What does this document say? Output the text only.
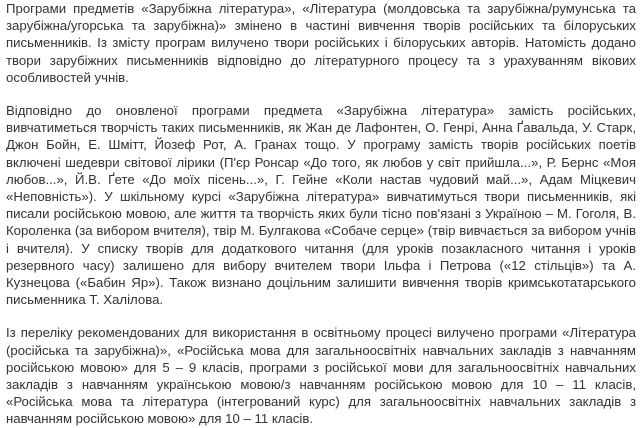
Програми предметів «Зарубіжна література», «Література (молдовська та зарубіжна/румунська та зарубіжна/угорська та зарубіжна)» змінено в частині вивчення творів російських та білоруських письменників. Із змісту програм вилучено твори російських і білоруських авторів. Натомість додано твори зарубіжних письменників відповідно до літературного процесу та з урахуванням вікових особливостей учнів.

Відповідно до оновленої програми предмета «Зарубіжна література» замість російських, вивчатиметься творчість таких письменників, як Жан де Лафонтен, О. Генрі, Анна Ґавальда, У. Старк, Джон Бойн, Е. Шмітт, Йозеф Рот, А. Гранах тощо. У програму замість творів російських поетів включені шедеври світової лірики (П'єр Ронсар «До того, як любов у світ прийшла...», Р. Бернс «Моя любов...», Й.В. Ґете «До моїх пісень...», Г. Гейне «Коли настав чудовий май...», Адам Міцкевич «Неповність»). У шкільному курсі «Зарубіжна література» вивчатимуться твори письменників, які писали російською мовою, але життя та творчість яких були тісно пов'язані з Україною – М. Гоголя, В. Короленка (за вибором вчителя), твір М. Булгакова «Собаче серце» (твір вивчається за вибором учнів і вчителя). У списку творів для додаткового читання (для уроків позакласного читання і уроків резервного часу) залишено для вибору вчителем твори Ільфа і Петрова («12 стільців») та А. Кузнецова («Бабин Яр»). Також визнано доцільним залишити вивчення творів кримськотатарського письменника Т. Халілова.

Із переліку рекомендованих для використання в освітньому процесі вилучено програми «Література (російська та зарубіжна)», «Російська мова для загальноосвітніх навчальних закладів з навчанням російською мовою» для 5 – 9 класів, програми з російської мови для загальноосвітніх навчальних закладів з навчанням українською мовою/з навчанням російською мовою для 10 – 11 класів, «Російська мова та література (інтегрований курс) для загальноосвітніх навчальних закладів з навчанням російською мовою» для 10 – 11 класів.
